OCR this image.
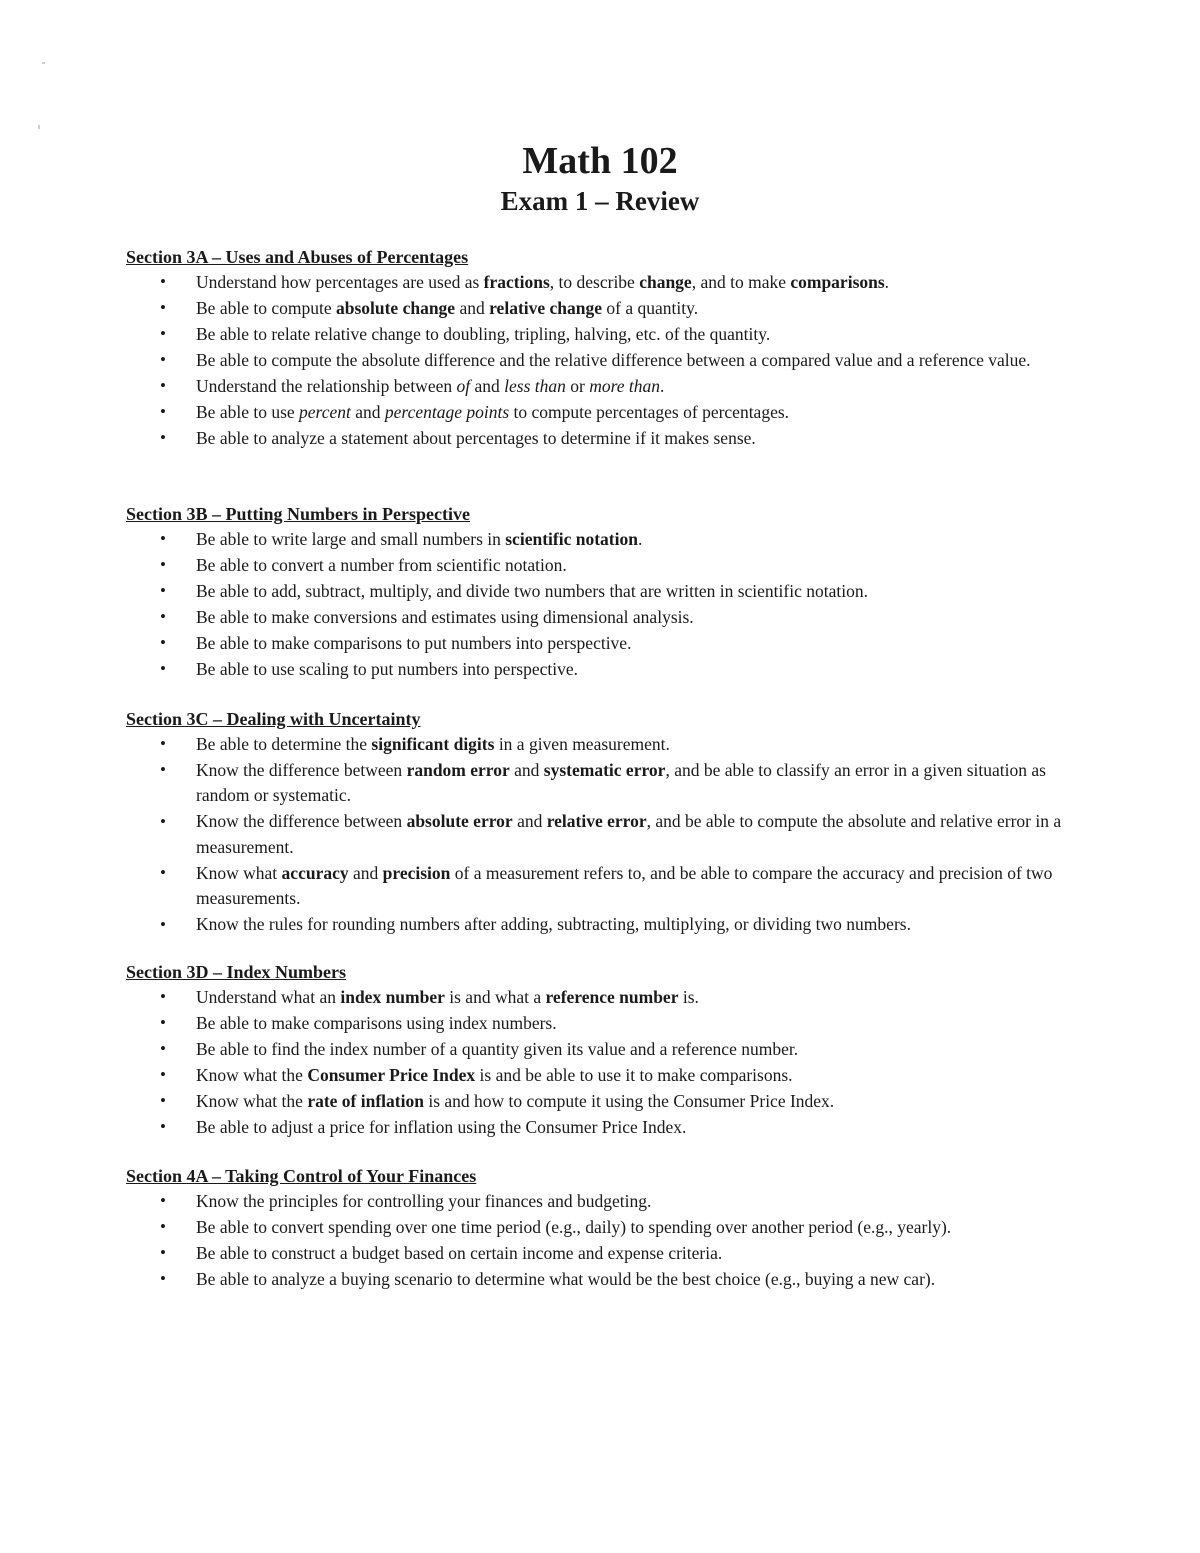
Math 102
Exam 1 – Review

Section 3A – Uses and Abuses of Percentages

• Understand how percentages are used as fractions, to describe change, and to make comparisons.
• Be able to compute absolute change and relative change of a quantity.
• Be able to relate relative change to doubling, tripling, halving, etc. of the quantity.
• Be able to compute the absolute difference and the relative difference between a compared value and a reference value.
• Understand the relationship between of and less than or more than.
• Be able to use percent and percentage points to compute percentages of percentages.
• Be able to analyze a statement about percentages to determine if it makes sense.

Section 3B – Putting Numbers in Perspective

• Be able to write large and small numbers in scientific notation.
• Be able to convert a number from scientific notation.
• Be able to add, subtract, multiply, and divide two numbers that are written in scientific notation.
• Be able to make conversions and estimates using dimensional analysis.
• Be able to make comparisons to put numbers into perspective.
• Be able to use scaling to put numbers into perspective.

Section 3C – Dealing with Uncertainty

• Be able to determine the significant digits in a given measurement.
• Know the difference between random error and systematic error, and be able to classify an error in a given situation as random or systematic.
• Know the difference between absolute error and relative error, and be able to compute the absolute and relative error in a measurement.
• Know what accuracy and precision of a measurement refers to, and be able to compare the accuracy and precision of two measurements.
• Know the rules for rounding numbers after adding, subtracting, multiplying, or dividing two numbers.

Section 3D – Index Numbers

• Understand what an index number is and what a reference number is.
• Be able to make comparisons using index numbers.
• Be able to find the index number of a quantity given its value and a reference number.
• Know what the Consumer Price Index is and be able to use it to make comparisons.
• Know what the rate of inflation is and how to compute it using the Consumer Price Index.
• Be able to adjust a price for inflation using the Consumer Price Index.

Section 4A – Taking Control of Your Finances

• Know the principles for controlling your finances and budgeting.
• Be able to convert spending over one time period (e.g., daily) to spending over another period (e.g., yearly).
• Be able to construct a budget based on certain income and expense criteria.
• Be able to analyze a buying scenario to determine what would be the best choice (e.g., buying a new car).
